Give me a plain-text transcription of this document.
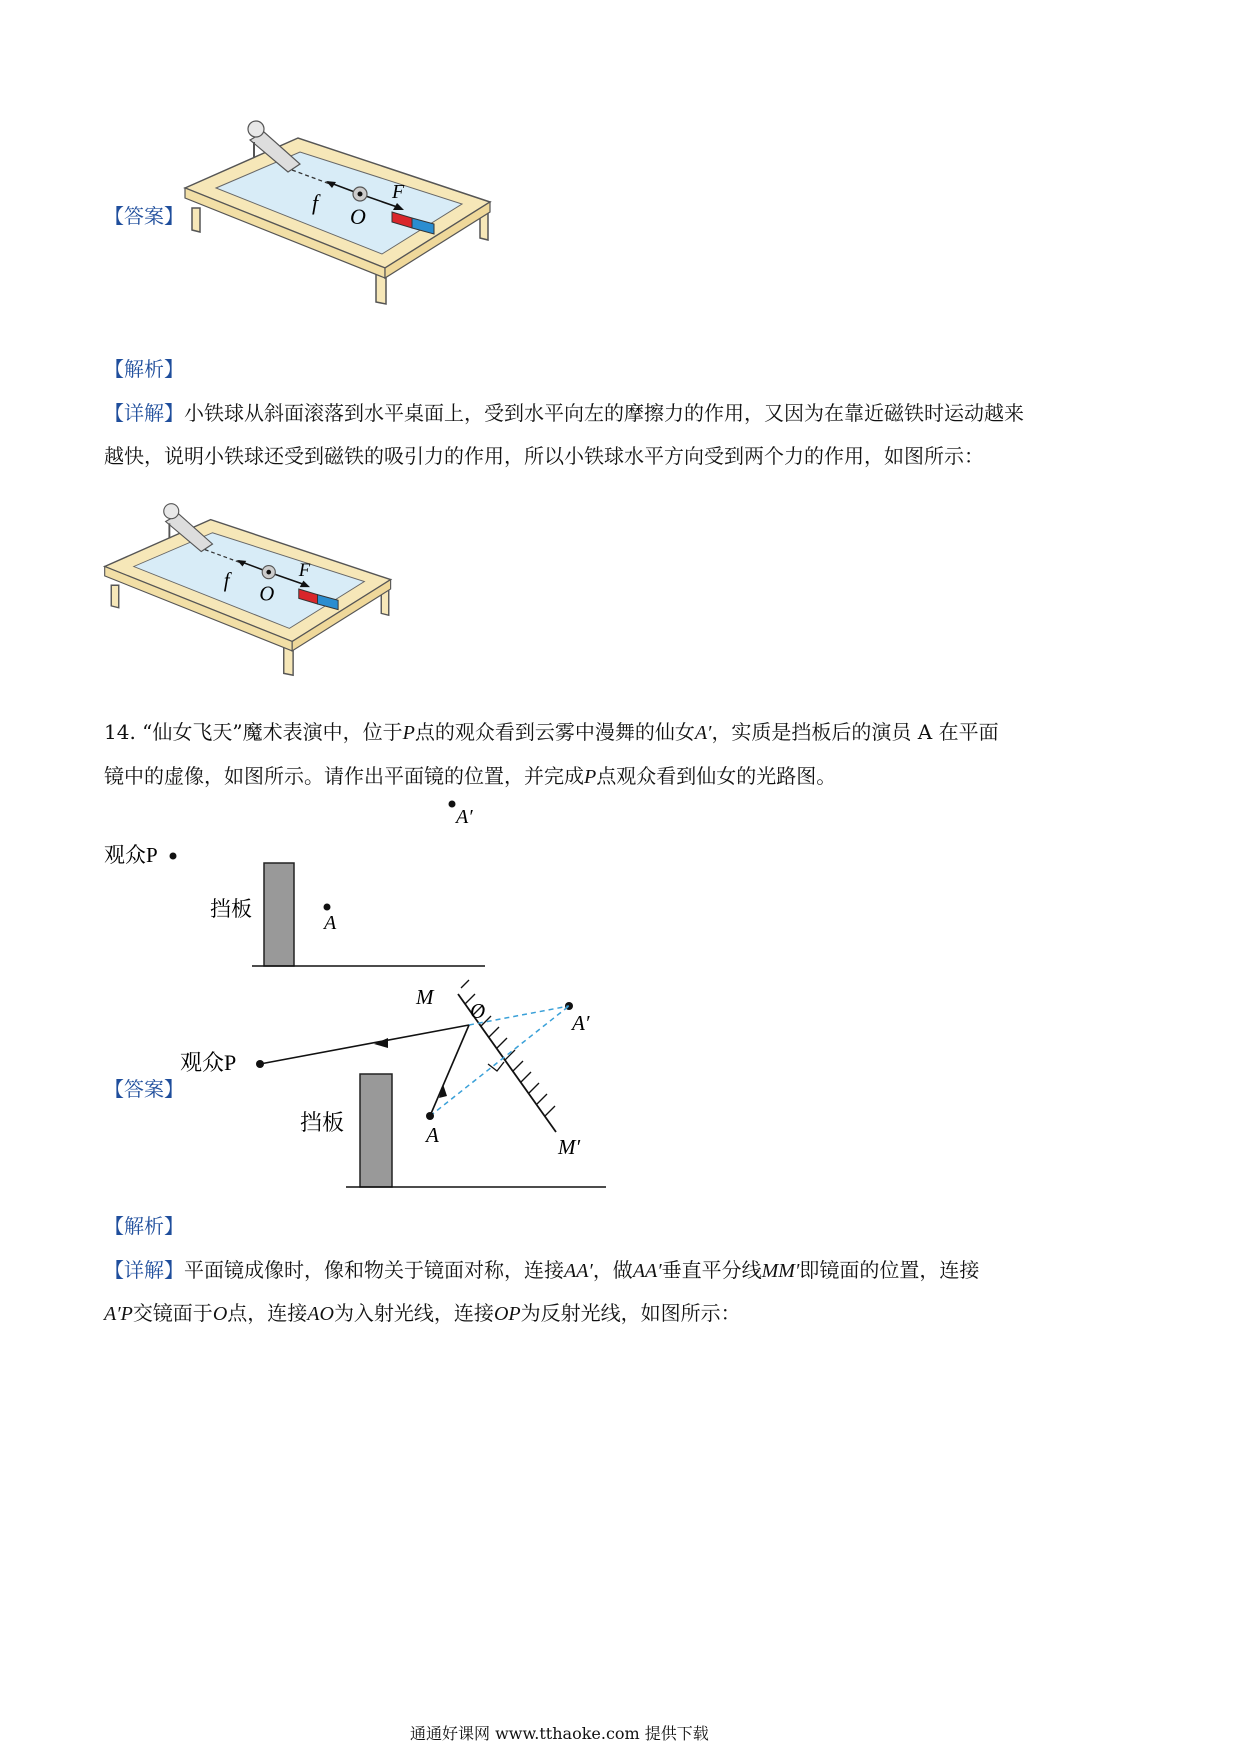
【答案】
f
O
F
【解析】
【详解】小铁球从斜面滚落到水平桌面上，受到水平向左的摩擦力的作用，又因为在靠近磁铁时运动越来
越快，说明小铁球还受到磁铁的吸引力的作用，所以小铁球水平方向受到两个力的作用，如图所示：
f
O
F
14. “仙女飞天”魔术表演中，位于P点的观众看到云雾中漫舞的仙女A′，实质是挡板后的演员 A 在平面
镜中的虚像，如图所示。请作出平面镜的位置，并完成P点观众看到仙女的光路图。
A′
观众P
挡板
A
【答案】
M
O
M′
A′
观众P
A
挡板
【解析】
【详解】平面镜成像时，像和物关于镜面对称，连接AA′，做AA′垂直平分线MM′即镜面的位置，连接
A′P交镜面于O点，连接AO为入射光线，连接OP为反射光线，如图所示：
通通好课网 www.tthaoke.com 提供下载
